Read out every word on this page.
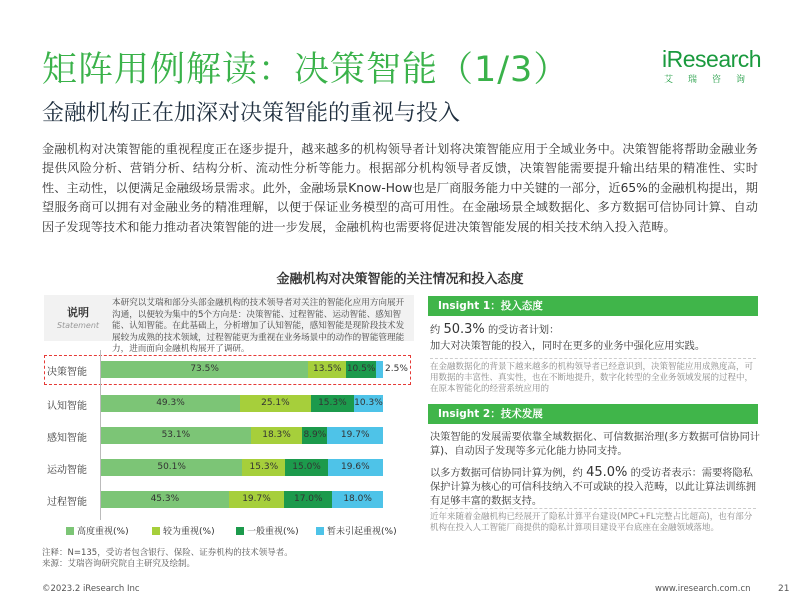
矩阵用例解读：决策智能（1/3）
金融机构正在加深对决策智能的重视与投入
iResearch
艾瑞咨询
金融机构对决策智能的重视程度正在逐步提升，越来越多的机构领导者计划将决策智能应用于全域业务中。决策智能将帮助金融业务提供风险分析、营销分析、结构分析、流动性分析等能力。根据部分机构领导者反馈，决策智能需要提升输出结果的精准性、实时性、主动性，以便满足金融级场景需求。此外，金融场景Know-How也是厂商服务能力中关键的一部分，近65%的金融机构提出，期望服务商可以拥有对金融业务的精准理解，以便于保证业务模型的高可用性。在金融场景全域数据化、多方数据可信协同计算、自动因子发现等技术和能力推动者决策智能的进一步发展，金融机构也需要将促进决策智能发展的相关技术纳入投入范畴。
金融机构对决策智能的关注情况和投入态度
说明
Statement
本研究以艾瑞和部分头部金融机构的技术领导者对关注的智能化应用方向展开沟通，以便较为集中的5个方向是：决策智能、过程智能、运动智能、感知智能、认知智能。在此基础上，分析增加了认知智能，感知智能是现阶段技术发展较为成熟的技术领域，过程智能更为重视在业务场景中的动作的智能管理能力，进而面向金融机构展开了调研。
决策智能	73.5%	13.5% 10.5% 2.5%
认知智能	49.3%	25.1%	15.3% 10.3%
感知智能	53.1%	18.3%	8.9%	19.7%
运动智能	50.1%	15.3%	15.0%	19.6%
过程智能	45.3%	19.7%	17.0%	18.0%
高度重视(%)	较为重视(%)	一般重视(%)	暂未引起重视(%)
注释：N=135，受访者包含银行、保险、证券机构的技术领导者。
来源：艾瑞咨询研究院自主研究及绘制。
Insight 1：投入态度
约 50.3% 的受访者计划：
加大对决策智能的投入，同时在更多的业务中强化应用实践。
在金融数据化的背景下越来越多的机构领导者已经意识到，决策智能应用成熟度高，可用数据的丰富性、真实性，也在不断地提升，数字化转型的全业务领域发展的过程中，在原本智能化的经营系统应用的
Insight 2：技术发展
决策智能的发展需要依靠全域数据化、可信数据治理(多方数据可信协同计算)、自动因子发现等多元化能力协同支持。
以多方数据可信协同计算为例，约 45.0% 的受访者表示：需要将隐私保护计算为核心的可信科技纳入不可或缺的投入范畴，以此让算法训练拥有足够丰富的数据支持。
近年来随着金融机构已经展开了隐私计算平台建设(MPC+FL完整占比超高)，也有部分机构在投入人工智能厂商提供的隐私计算项目建设平台底座在金融领域落地。
©2023.2 iResearch Inc	www.iresearch.com.cn	21
